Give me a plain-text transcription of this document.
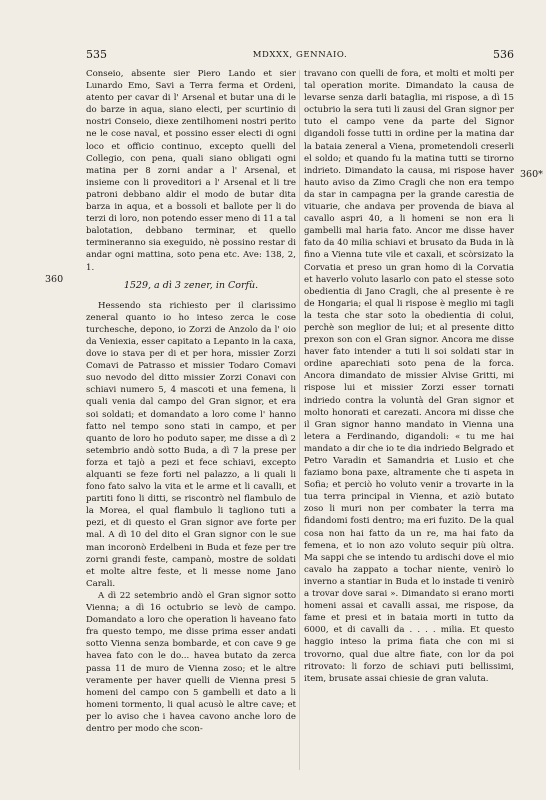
535	MDXXX, GENNAIO.	536
360
360*

Conseio, absente sier Piero Lando et sier Lunardo Emo, Savi a Terra ferma et Ordeni, atento per cavar di l' Arsenal et butar una di le do barze in aqua, siano electi, per scurtinio di nostri Conseio, diexe zentilhomeni nostri perito ne le cose naval, et possino esser electi di ogni loco et officio continuo, excepto quelli del Collegio, con pena, quali siano obligati ogni matina per 8 zorni andar a l' Arsenal, et insieme con li proveditori a l' Arsenal et li tre patroni debbano aldir el modo de butar dita barza in aqua, et a bossoli et ballote per li do terzi di loro, non potendo esser meno di 11 a tal balotation, debbano terminar, et quello termineranno sia exeguido, nè possino restar di andar ogni mattina, soto pena etc. Ave: 138, 2, 1.

1529, a dì 3 zener, in Corfù.

Hessendo sta richiesto per il clarissimo zeneral quanto io ho inteso zerca le cose turchesche, depono, io Zorzi de Anzolo da l' oio da Veniexia, esser capitato a Lepanto in la caxa, dove io stava per di et per hora, missier Zorzi Comavi de Patrasso et missier Todaro Comavi suo nevodo del ditto missier Zorzi Conavi con schiavi numero 5, 4 mascoti et una femena, li quali venia dal campo del Gran signor, et era soi soldati; et domandato a loro come l' hanno fatto nel tempo sono stati in campo, et per quanto de loro ho poduto saper, me disse a dì 2 setembrio andò sotto Buda, a dì 7 la prese per forza et tajò a pezi et fece schiavi, excepto alquanti se feze forti nel palazzo, a li quali li fono fato salvo la vita et le arme et li cavalli, et partiti fono li ditti, se riscontrò nel flambulo de la Morea, el qual flambulo li tagliono tuti a pezi, et di questo el Gran signor ave forte per mal. A dì 10 del dito el Gran signor con le sue man incoronò Erdelbeni in Buda et feze per tre zorni grandi feste, campanò, mostre de soldati et molte altre feste, et li messe nome Jano Carali.

A dì 22 setembrio andò el Gran signor sotto Vienna; a dì 16 octubrio se levò de campo. Domandato a loro che operation li haveano fato fra questo tempo, me disse prima esser andati sotto Vienna senza bombarde, et con cave 9 ge havea fato con le do... havea butato da zerca passa 11 de muro de Vienna zoso; et le altre veramente per haver quelli de Vienna presi 5 homeni del campo con 5 gambelli et dato a li homeni tormento, li qual acusò le altre cave; et per lo aviso che i havea cavono anche loro de dentro per modo che scon-

travano con quelli de fora, et molti et molti per tal operation morite. Dimandato la causa de levarse senza darli bataglia, mi rispose, a dì 15 octubrio la sera tuti li zausi del Gran signor per tuto el campo vene da parte del Signor digandoli fosse tutti in ordine per la matina dar la bataia zeneral a Viena, prometendoli creserli el soldo; et quando fu la matina tutti se tirorno indrieto. Dimandato la causa, mi rispose haver hauto aviso da Zimo Cragli che non era tempo da star in campagna per la grande carestia de vituarie, che andava per provenda de biava al cavallo aspri 40, a li homeni se non era li gambelli mal haria fato. Ancor me disse haver fato da 40 milia schiavi et brusato da Buda in là fino a Vienna tute vile et caxali, et scòrsizato la Corvatia et preso un gran homo di la Corvatia et haverlo voluto lasarlo con pato el stesse soto obedientia di Jano Cragli, che al presente è re de Hongaria; el qual li rispose è meglio mi tagli la testa che star soto la obedientia di colui, perchè son meglior de lui; et al presente ditto prexon son con el Gran signor. Ancora me disse haver fato intender a tuti li soi soldati star in ordine aparechiati soto pena de la forca. Ancora dimandato de missier Alvise Gritti, mi rispose lui et missier Zorzi esser tornati indriedo contra la voluntà del Gran signor et molto honorati et carezati. Ancora mi disse che il Gran signor hanno mandato in Vienna una letera a Ferdinando, digandoli: « tu me hai mandato a dir che io te dia indriedo Belgrado et Petro Varadin et Samandria et Lusio et che faziamo bona paxe, altramente che ti aspeta in Sofia; et perciò ho voluto venir a trovarte in la tua terra principal in Vienna, et aziò butato zoso li muri non per combater la terra ma fidandomi fosti dentro; ma eri fuzito. De la qual cosa non hai fatto da un re, ma hai fato da femena, et io non azo voluto sequir più oltra. Ma sappi che se intendo tu ardischi dove el mio cavalo ha zappato a tochar niente, venirò lo inverno a stantiar in Buda et lo instade ti venirò a trovar dove sarai ». Dimandato si erano morti homeni assai et cavalli assai, me rispose, da fame et presi et in bataia morti in tutto da 6000, et di cavalli da . . . . milia. Et questo haggio inteso la prima fiata che con mi si trovorno, qual due altre fiate, con lor da poi ritrovato: li forzo de schiavi puti bellissimi, item, brusate assai chiesie de gran valuta.
